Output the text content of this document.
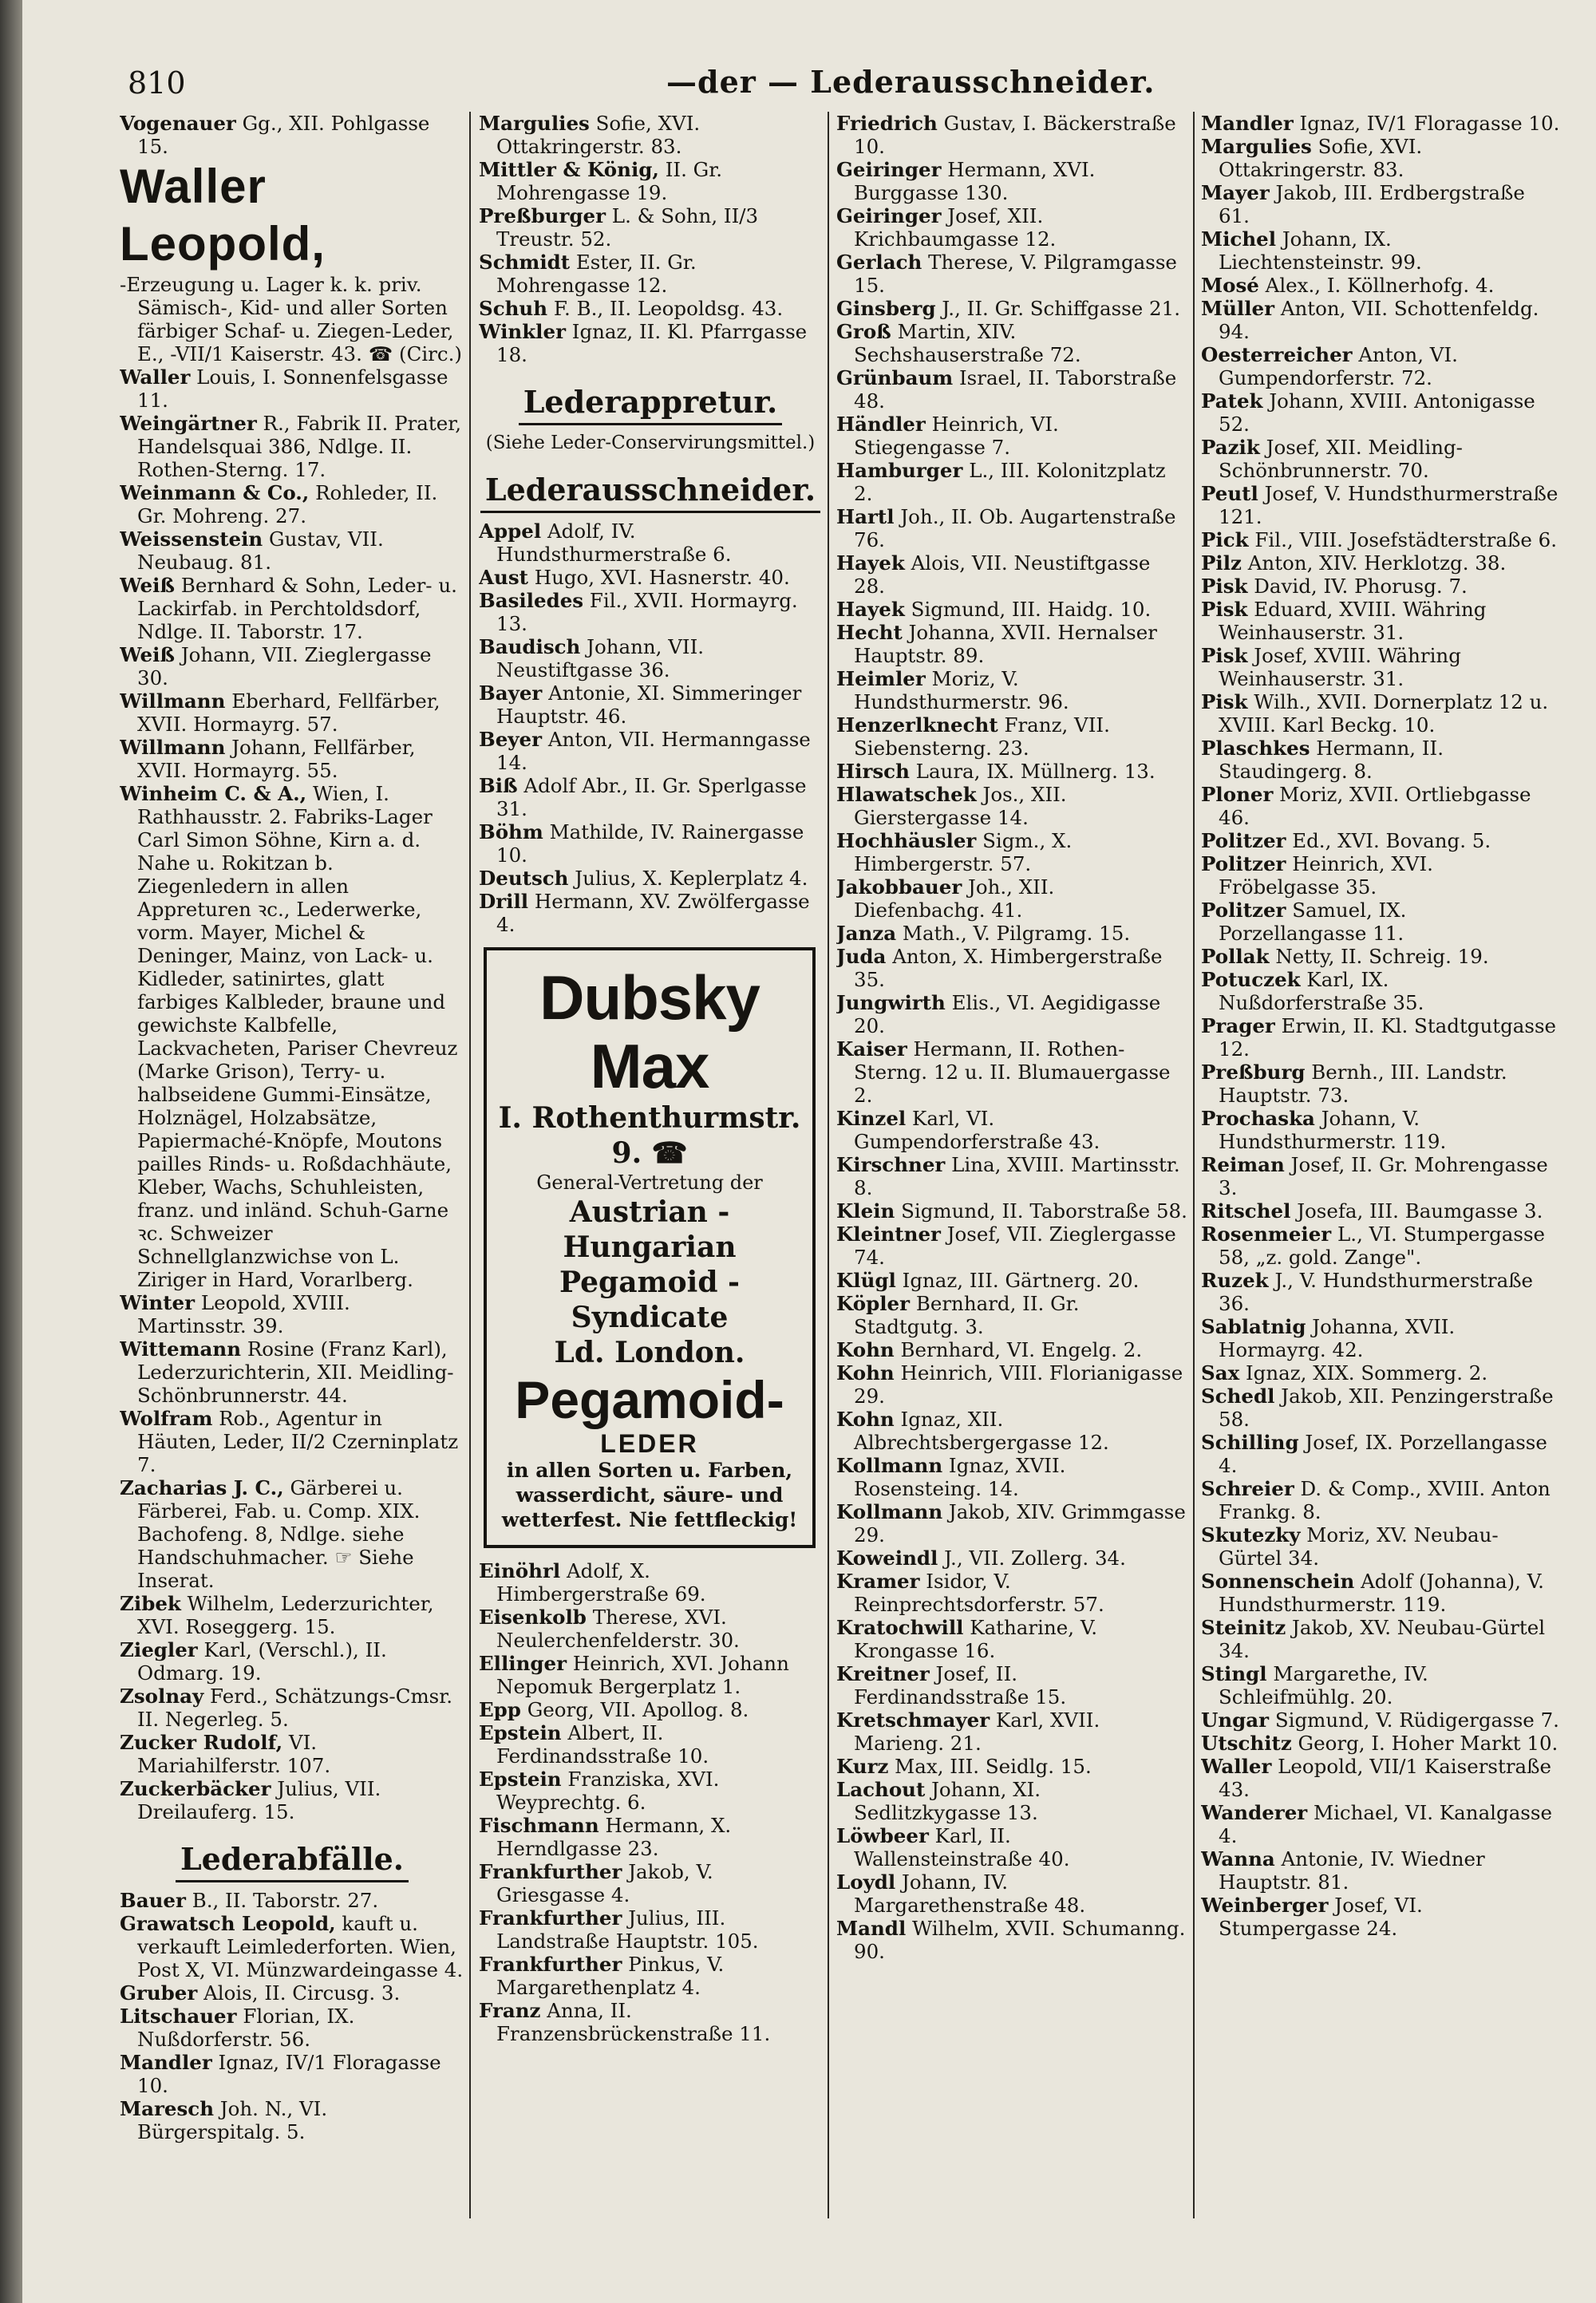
810	—der — Lederausschneider.
Vogenauer Gg., XII. Pohlgasse 15.
Waller Leopold,
-Erzeugung u. Lager k. k. priv. Sämisch-, Kid- und aller Sorten färbiger Schaf- u. Ziegen-Leder, E., -VII/1 Kaiserstr. 43. ☎ (Circ.)
Waller Louis, I. Sonnenfelsgasse 11.
Weingärtner R., Fabrik II. Prater, Handelsquai 386, Ndlge. II. Rothen-Sterng. 17.
Weinmann & Co., Rohleder, II. Gr. Mohreng. 27.
Weissenstein Gustav, VII. Neubaug. 81.
Weiß Bernhard & Sohn, Leder- u. Lackirfab. in Perchtoldsdorf, Ndlge. II. Taborstr. 17.
Weiß Johann, VII. Zieglergasse 30.
Willmann Eberhard, Fellfärber, XVII. Hormayrg. 57.
Willmann Johann, Fellfärber, XVII. Hormayrg. 55.
Winheim C. & A., Wien, I. Rathhausstr. 2. Fabriks-Lager Carl Simon Söhne, Kirn a. d. Nahe u. Rokitzan b. Ziegenledern in allen Appreturen ꝛc., Lederwerke, vorm. Mayer, Michel & Deninger, Mainz, von Lack- u. Kidleder, satinirtes, glatt farbiges Kalbleder, braune und gewichste Kalbfelle, Lackvacheten, Pariser Chevreuz (Marke Grison), Terry- u. halbseidene Gummi-Einsätze, Holznägel, Holzabsätze, Papiermaché-Knöpfe, Moutons pailles Rinds- u. Roßdachhäute, Kleber, Wachs, Schuhleisten, franz. und inländ. Schuh-Garne ꝛc. Schweizer Schnellglanzwichse von L. Ziriger in Hard, Vorarlberg.
Winter Leopold, XVIII. Martinsstr. 39.
Wittemann Rosine (Franz Karl), Lederzurichterin, XII. Meidling-Schönbrunnerstr. 44.
Wolfram Rob., Agentur in Häuten, Leder, II/2 Czerninplatz 7.
Zacharias J. C., Gärberei u. Färberei, Fab. u. Comp. XIX. Bachofeng. 8, Ndlge. siehe Handschuhmacher. ☞ Siehe Inserat.
Zibek Wilhelm, Lederzurichter, XVI. Roseggerg. 15.
Ziegler Karl, (Verschl.), II. Odmarg. 19.
Zsolnay Ferd., Schätzungs-Cmsr. II. Negerleg. 5.
Zucker Rudolf, VI. Mariahilferstr. 107.
Zuckerbäcker Julius, VII. Dreilauferg. 15.
Lederabfälle.
Bauer B., II. Taborstr. 27.
Grawatsch Leopold, kauft u. verkauft Leimlederforten. Wien, Post X, VI. Münzwardeingasse 4.
Gruber Alois, II. Circusg. 3.
Litschauer Florian, IX. Nußdorferstr. 56.
Mandler Ignaz, IV/1 Floragasse 10.
Maresch Joh. N., VI. Bürgerspitalg. 5.
Margulies Sofie, XVI. Ottakringerstr. 83.
Mittler & König, II. Gr. Mohrengasse 19.
Preßburger L. & Sohn, II/3 Treustr. 52.
Schmidt Ester, II. Gr. Mohrengasse 12.
Schuh F. B., II. Leopoldsg. 43.
Winkler Ignaz, II. Kl. Pfarrgasse 18.
Lederappretur.
(Siehe Leder-Conservirungsmittel.)
Lederausschneider.
Appel Adolf, IV. Hundsthurmerstraße 6.
Aust Hugo, XVI. Hasnerstr. 40.
Basiledes Fil., XVII. Hormayrg. 13.
Baudisch Johann, VII. Neustiftgasse 36.
Bayer Antonie, XI. Simmeringer Hauptstr. 46.
Beyer Anton, VII. Hermanngasse 14.
Biß Adolf Abr., II. Gr. Sperlgasse 31.
Böhm Mathilde, IV. Rainergasse 10.
Deutsch Julius, X. Keplerplatz 4.
Drill Hermann, XV. Zwölfergasse 4.
Dubsky Max
I. Rothenthurmstr. 9. ☎
General-Vertretung der
Austrian - Hungarian
Pegamoid - Syndicate
Ld. London.
Pegamoid-
LEDER
in allen Sorten u. Farben, wasserdicht, säure- und wetterfest. Nie fettfleckig!
Einöhrl Adolf, X. Himbergerstraße 69.
Eisenkolb Therese, XVI. Neulerchenfelderstr. 30.
Ellinger Heinrich, XVI. Johann Nepomuk Bergerplatz 1.
Epp Georg, VII. Apollog. 8.
Epstein Albert, II. Ferdinandsstraße 10.
Epstein Franziska, XVI. Weyprechtg. 6.
Fischmann Hermann, X. Herndlgasse 23.
Frankfurther Jakob, V. Griesgasse 4.
Frankfurther Julius, III. Landstraße Hauptstr. 105.
Frankfurther Pinkus, V. Margarethenplatz 4.
Franz Anna, II. Franzensbrückenstraße 11.
Friedrich Gustav, I. Bäckerstraße 10.
Geiringer Hermann, XVI. Burggasse 130.
Geiringer Josef, XII. Krichbaumgasse 12.
Gerlach Therese, V. Pilgramgasse 15.
Ginsberg J., II. Gr. Schiffgasse 21.
Groß Martin, XIV. Sechshauserstraße 72.
Grünbaum Israel, II. Taborstraße 48.
Händler Heinrich, VI. Stiegengasse 7.
Hamburger L., III. Kolonitzplatz 2.
Hartl Joh., II. Ob. Augartenstraße 76.
Hayek Alois, VII. Neustiftgasse 28.
Hayek Sigmund, III. Haidg. 10.
Hecht Johanna, XVII. Hernalser Hauptstr. 89.
Heimler Moriz, V. Hundsthurmerstr. 96.
Henzerlknecht Franz, VII. Siebensterng. 23.
Hirsch Laura, IX. Müllnerg. 13.
Hlawatschek Jos., XII. Gierstergasse 14.
Hochhäusler Sigm., X. Himbergerstr. 57.
Jakobbauer Joh., XII. Diefenbachg. 41.
Janza Math., V. Pilgramg. 15.
Juda Anton, X. Himbergerstraße 35.
Jungwirth Elis., VI. Aegidigasse 20.
Kaiser Hermann, II. Rothen-Sterng. 12 u. II. Blumauergasse 2.
Kinzel Karl, VI. Gumpendorferstraße 43.
Kirschner Lina, XVIII. Martinsstr. 8.
Klein Sigmund, II. Taborstraße 58.
Kleintner Josef, VII. Zieglergasse 74.
Klügl Ignaz, III. Gärtnerg. 20.
Köpler Bernhard, II. Gr. Stadtgutg. 3.
Kohn Bernhard, VI. Engelg. 2.
Kohn Heinrich, VIII. Florianigasse 29.
Kohn Ignaz, XII. Albrechtsbergergasse 12.
Kollmann Ignaz, XVII. Rosensteing. 14.
Kollmann Jakob, XIV. Grimmgasse 29.
Koweindl J., VII. Zollerg. 34.
Kramer Isidor, V. Reinprechtsdorferstr. 57.
Kratochwill Katharine, V. Krongasse 16.
Kreitner Josef, II. Ferdinandsstraße 15.
Kretschmayer Karl, XVII. Marieng. 21.
Kurz Max, III. Seidlg. 15.
Lachout Johann, XI. Sedlitzkygasse 13.
Löwbeer Karl, II. Wallensteinstraße 40.
Loydl Johann, IV. Margarethenstraße 48.
Mandl Wilhelm, XVII. Schumanng. 90.
Mandler Ignaz, IV/1 Floragasse 10.
Margulies Sofie, XVI. Ottakringerstr. 83.
Mayer Jakob, III. Erdbergstraße 61.
Michel Johann, IX. Liechtensteinstr. 99.
Mosé Alex., I. Köllnerhofg. 4.
Müller Anton, VII. Schottenfeldg. 94.
Oesterreicher Anton, VI. Gumpendorferstr. 72.
Patek Johann, XVIII. Antonigasse 52.
Pazik Josef, XII. Meidling-Schönbrunnerstr. 70.
Peutl Josef, V. Hundsthurmerstraße 121.
Pick Fil., VIII. Josefstädterstraße 6.
Pilz Anton, XIV. Herklotzg. 38.
Pisk David, IV. Phorusg. 7.
Pisk Eduard, XVIII. Währing Weinhauserstr. 31.
Pisk Josef, XVIII. Währing Weinhauserstr. 31.
Pisk Wilh., XVII. Dornerplatz 12 u. XVIII. Karl Beckg. 10.
Plaschkes Hermann, II. Staudingerg. 8.
Ploner Moriz, XVII. Ortliebgasse 46.
Politzer Ed., XVI. Bovang. 5.
Politzer Heinrich, XVI. Fröbelgasse 35.
Politzer Samuel, IX. Porzellangasse 11.
Pollak Netty, II. Schreig. 19.
Potuczek Karl, IX. Nußdorferstraße 35.
Prager Erwin, II. Kl. Stadtgutgasse 12.
Preßburg Bernh., III. Landstr. Hauptstr. 73.
Prochaska Johann, V. Hundsthurmerstr. 119.
Reiman Josef, II. Gr. Mohrengasse 3.
Ritschel Josefa, III. Baumgasse 3.
Rosenmeier L., VI. Stumpergasse 58, „z. gold. Zange".
Ruzek J., V. Hundsthurmerstraße 36.
Sablatnig Johanna, XVII. Hormayrg. 42.
Sax Ignaz, XIX. Sommerg. 2.
Schedl Jakob, XII. Penzingerstraße 58.
Schilling Josef, IX. Porzellangasse 4.
Schreier D. & Comp., XVIII. Anton Frankg. 8.
Skutezky Moriz, XV. Neubau-Gürtel 34.
Sonnenschein Adolf (Johanna), V. Hundsthurmerstr. 119.
Steinitz Jakob, XV. Neubau-Gürtel 34.
Stingl Margarethe, IV. Schleifmühlg. 20.
Ungar Sigmund, V. Rüdigergasse 7.
Utschitz Georg, I. Hoher Markt 10.
Waller Leopold, VII/1 Kaiserstraße 43.
Wanderer Michael, VI. Kanalgasse 4.
Wanna Antonie, IV. Wiedner Hauptstr. 81.
Weinberger Josef, VI. Stumpergasse 24.
